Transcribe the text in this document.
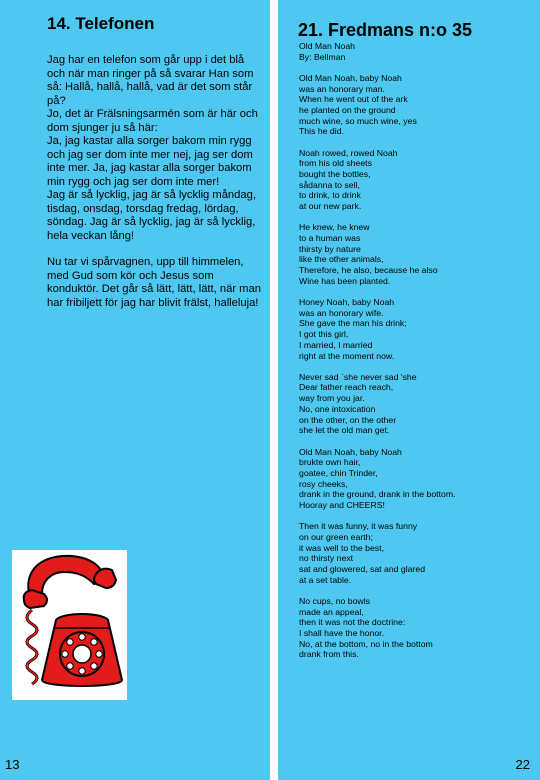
14. Telefonen

Jag har en telefon som går upp i det blå och när man ringer på så svarar Han som så: Hallå, hallå, hallå, vad är det som står på?
Jo, det är Frälsningsarmén som är här och dom sjunger ju så här:
Ja, jag kastar alla sorger bakom min rygg och jag ser dom inte mer nej, jag ser dom inte mer. Ja, jag kastar alla sorger bakom min rygg och jag ser dom inte mer!
Jag är så lycklig, jag är så lycklig måndag, tisdag, onsdag, torsdag fredag, lördag, söndag. Jag är så lycklig, jag är så lycklig, hela veckan lång!

Nu tar vi spårvagnen, upp till himmelen, med Gud som kör och Jesus som konduktör. Det går så lätt, lätt, lätt, när man har fribiljett för jag har blivit frälst, halleluja!

13
21. Fredmans n:o 35

Old Man Noah
By: Bellman

Old Man Noah, baby Noah
was an honorary man.
When he went out of the ark
he planted on the ground
much wine, so much wine, yes
This he did.

Noah rowed, rowed Noah
from his old sheets
bought the bottles,
sådanna to sell,
to drink, to drink
at our new park.

He knew, he knew
to a human was
thirsty by nature
like the other animals,
Therefore, he also, because he also
Wine has been planted.

Honey Noah, baby Noah
was an honorary wife.
She gave the man his drink;
I got this girl,
I married, I married
right at the moment now.

Never sad `she never sad 'she
Dear father reach reach,
way from you jar.
No, one intoxication
on the other, on the other
she let the old man get.

Old Man Noah, baby Noah
brukte own hair,
goatee, chin Trinder,
rosy cheeks,
drank in the ground, drank in the bottom.
Hooray and CHEERS!

Then it was funny, it was funny
on our green earth;
it was well to the best,
no thirsty next
sat and glowered, sat and glared
at a set table.

No cups, no bowls
made an appeal,
then it was not the doctrine:
I shall have the honor.
No, at the bottom, no in the bottom
drank from this.

22
